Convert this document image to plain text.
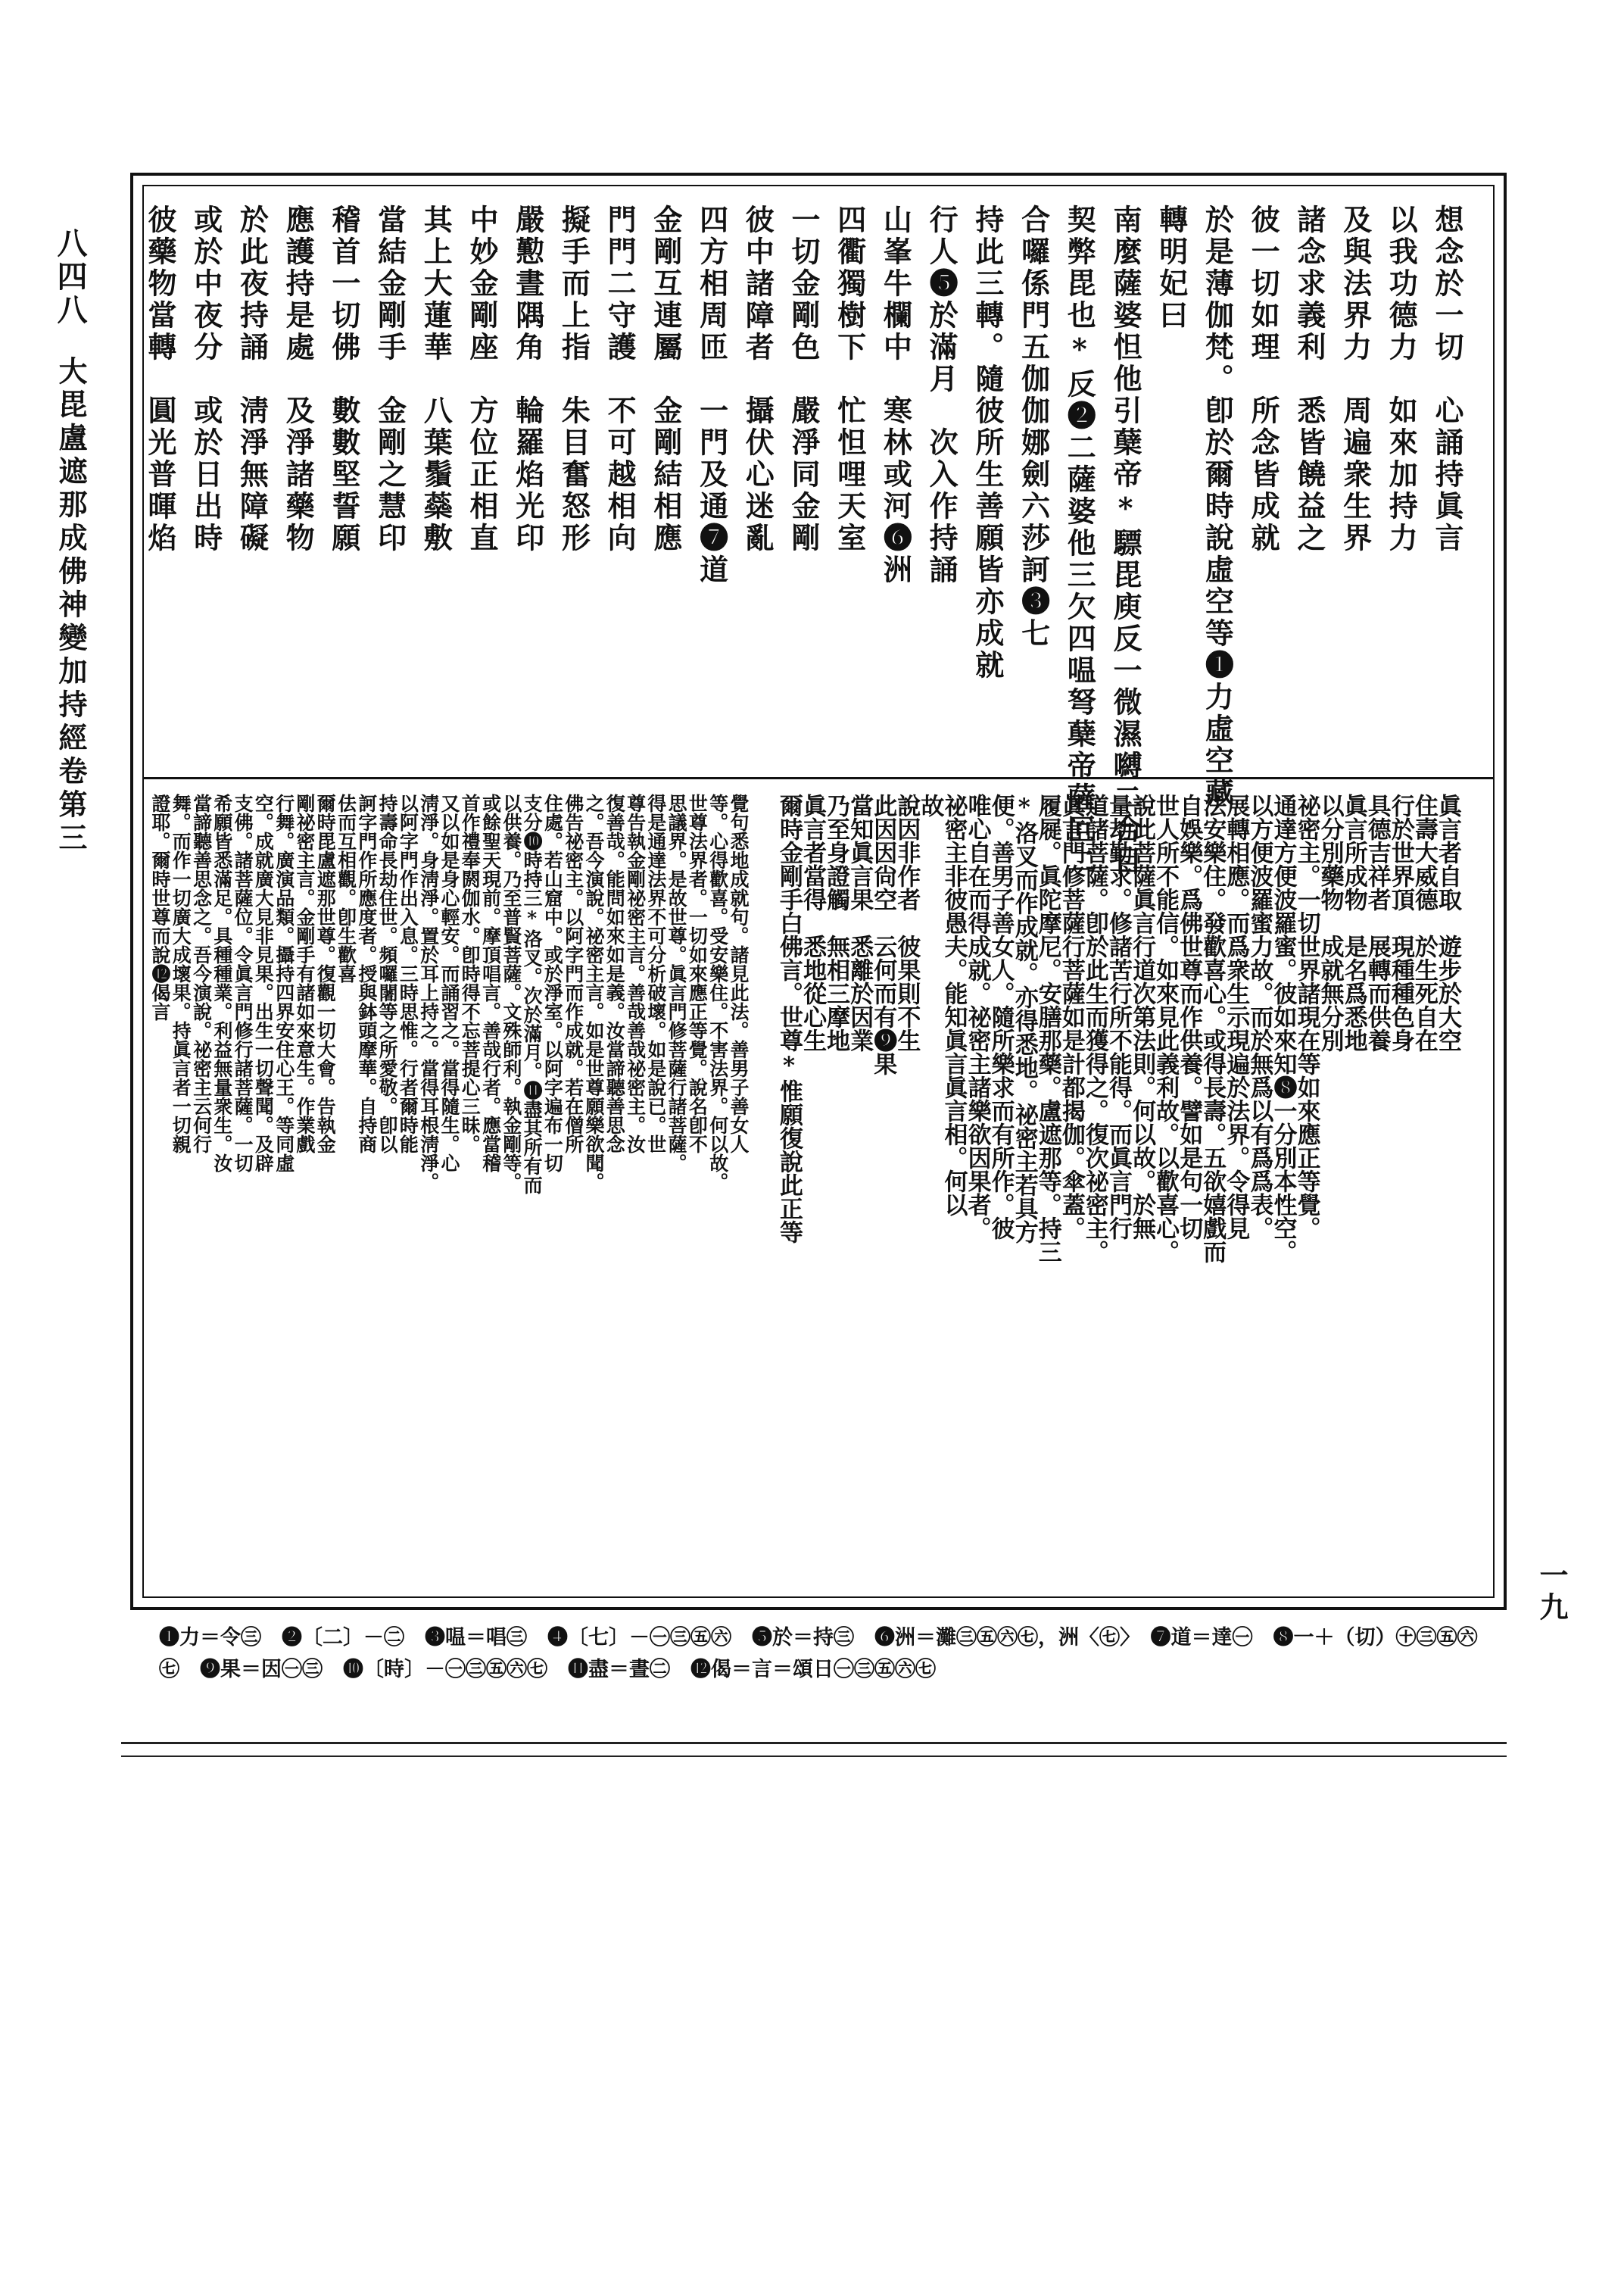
八四八
大毘盧遮那成佛神變加持經卷第三
一九
想念於一切　心誦持眞言
以我功德力　如來加持力
及與法界力　周遍衆生界
諸念求義利　悉皆饒益之
彼一切如理　所念皆成就
於是薄伽梵。卽於爾時說虛空等❶力虛空藏
轉明妃曰
南麼薩婆怛他引蘖帝*驃毘庾反一微濕嚩二合目
契弊毘也*反❷二薩婆他三欠四嗢弩蘖帝薩叵二
合囉係門五伽伽娜劍六莎訶❸七
持此三轉。隨彼所生善願皆亦成就
行人❺於滿月　次入作持誦
山峯牛欄中　寒林或河❻洲
四衢獨樹下　忙怛哩天室
一切金剛色　嚴淨同金剛
彼中諸障者　攝伏心迷亂
四方相周匝　一門及通❼道
金剛互連屬　金剛結相應
門門二守護　不可越相向
擬手而上指　朱目奮怒形
嚴懃晝隅角　輪羅焰光印
中妙金剛座　方位正相直
其上大蓮華　八葉鬚蘂敷
當結金剛手　金剛之慧印
稽首一切佛　數數堅誓願
應護持是處　及淨諸藥物
於此夜持誦　淸淨無障礙
或於中夜分　或於日出時
彼藥物當轉　圓光普暉焰
眞言者自取　遊步於大空
住壽大威德　於生死自在
行於世界頂　現種種色身
具德吉祥者　展轉而供養
眞言所成物　是名爲悉地
以分別藥物　成就無分別
祕密主。一切世界諸現在等如來應正等覺。
通達方便波羅蜜。彼如來知❽一分別本性空。
以方便波羅蜜力故。而於無爲以有爲爲表。
展轉相應。而爲衆生示現遍於法界。令得見
法安樂住。發歡喜心。或得長壽。五欲嬉戲而
自娛樂。爲佛世尊而作供養。譬如是句一切
世人所不能信。如來見此義利故。以歡喜心。
說此菩薩眞言行道次第法則。何以故。於無
量劫勤求。修諸苦行所不能得。而眞言門行
道諸菩薩。卽於此生而獲得之。復次祕密主。
眞言門修菩薩行菩薩如是計都揭伽。傘蓋。
履屣。眞陀摩尼。安膳那藥。盧遮那等。持三
*洛叉而作成就。亦得悉地。祕密主若具方
便。善男子善女人。隨所樂求而有所作。彼
唯心自在而得成就。祕密主諸樂欲因果者。
祕密主非彼愚夫。能知眞言眞言相。何以
故
說因非作者　彼果則不生
此因因尙空　云何而有❾果
當知眞言果　悉離於因業
乃至身證觸　無相三摩地
眞言者當得　悉地從心生
爾時金剛手白佛言。世尊*惟願復說此正等
覺句悉地成就句。諸見此法。善男子善女人
等。心得歡喜。受安樂住。不害法界。何以故。
世尊法界者。一切如來應正等覺。說名卽不
思議界。是故世尊。眞言門修菩薩行諸菩薩。
得是通達法界不可分析破壞。如是說已。世
尊告執金剛祕密主言。善哉善哉祕密主。汝
復善哉。能問如來如是義。汝當諦聽善思念
之。吾今演說。祕密主言。如是世尊願樂欲聞。
佛告祕密主。以阿字門而作成就。若在僧所
住處。若山窟中。或於淨室。以阿字遍布一切
支分❿時持三*洛叉。次於滿月。⓫盡其所有而
以供養。乃至普賢菩薩。文殊師利。執金剛等。
或餘聖天現前。摩頂唱言。善哉行者。應當稽
首作禮奉閼伽水。卽時得不忘菩提心三昧。
又以如是身心輕安。而誦習之。當得隨生。心
淸淨。身淸淨。置於耳上持之。當得耳根淸淨。
以阿字門作出入息。三時思惟。行者爾時能
持壽命長劫住世。頻囉闍等之所愛敬。卽以
訶字門作所應度者。授與鉢頭摩華。自持商
佉而互相觀。卽生歡喜
爾時毘盧遮那世尊。復觀一切大會。告執金
剛祕密主言。金剛手有諸如來意生。作業戲
行舞。廣演品類。攝持四界安住心王。等同虛
空。成就廣大見非見果。出生一切聲聞。及辟
支佛。諸菩薩位。令眞言門修行諸菩薩。一切
希願皆悉滿足。具種種業。利益無量衆生。汝
當諦聽善思念之。吾今演說。祕密主云何行
舞。而作一切廣大成壞果。持眞言者一切親
證耶。爾時世尊而說⓬偈言
❶力＝令㊂　❷〔二〕－㊁　❸嗢＝唱㊂　❹〔七〕－㊀㊂㊄㊅　❺於＝持㊂　❻洲＝灘㊂㊄㊅㊆，洲〈㊆〉　❼道＝達㊀　❽一＋（切）㊉㊂㊄㊅
㊆　❾果＝因㊀㊂　❿〔時〕－㊀㊂㊄㊅㊆　⓫盡＝晝㊁　⓬偈＝言＝頌日㊀㊂㊄㊅㊆
